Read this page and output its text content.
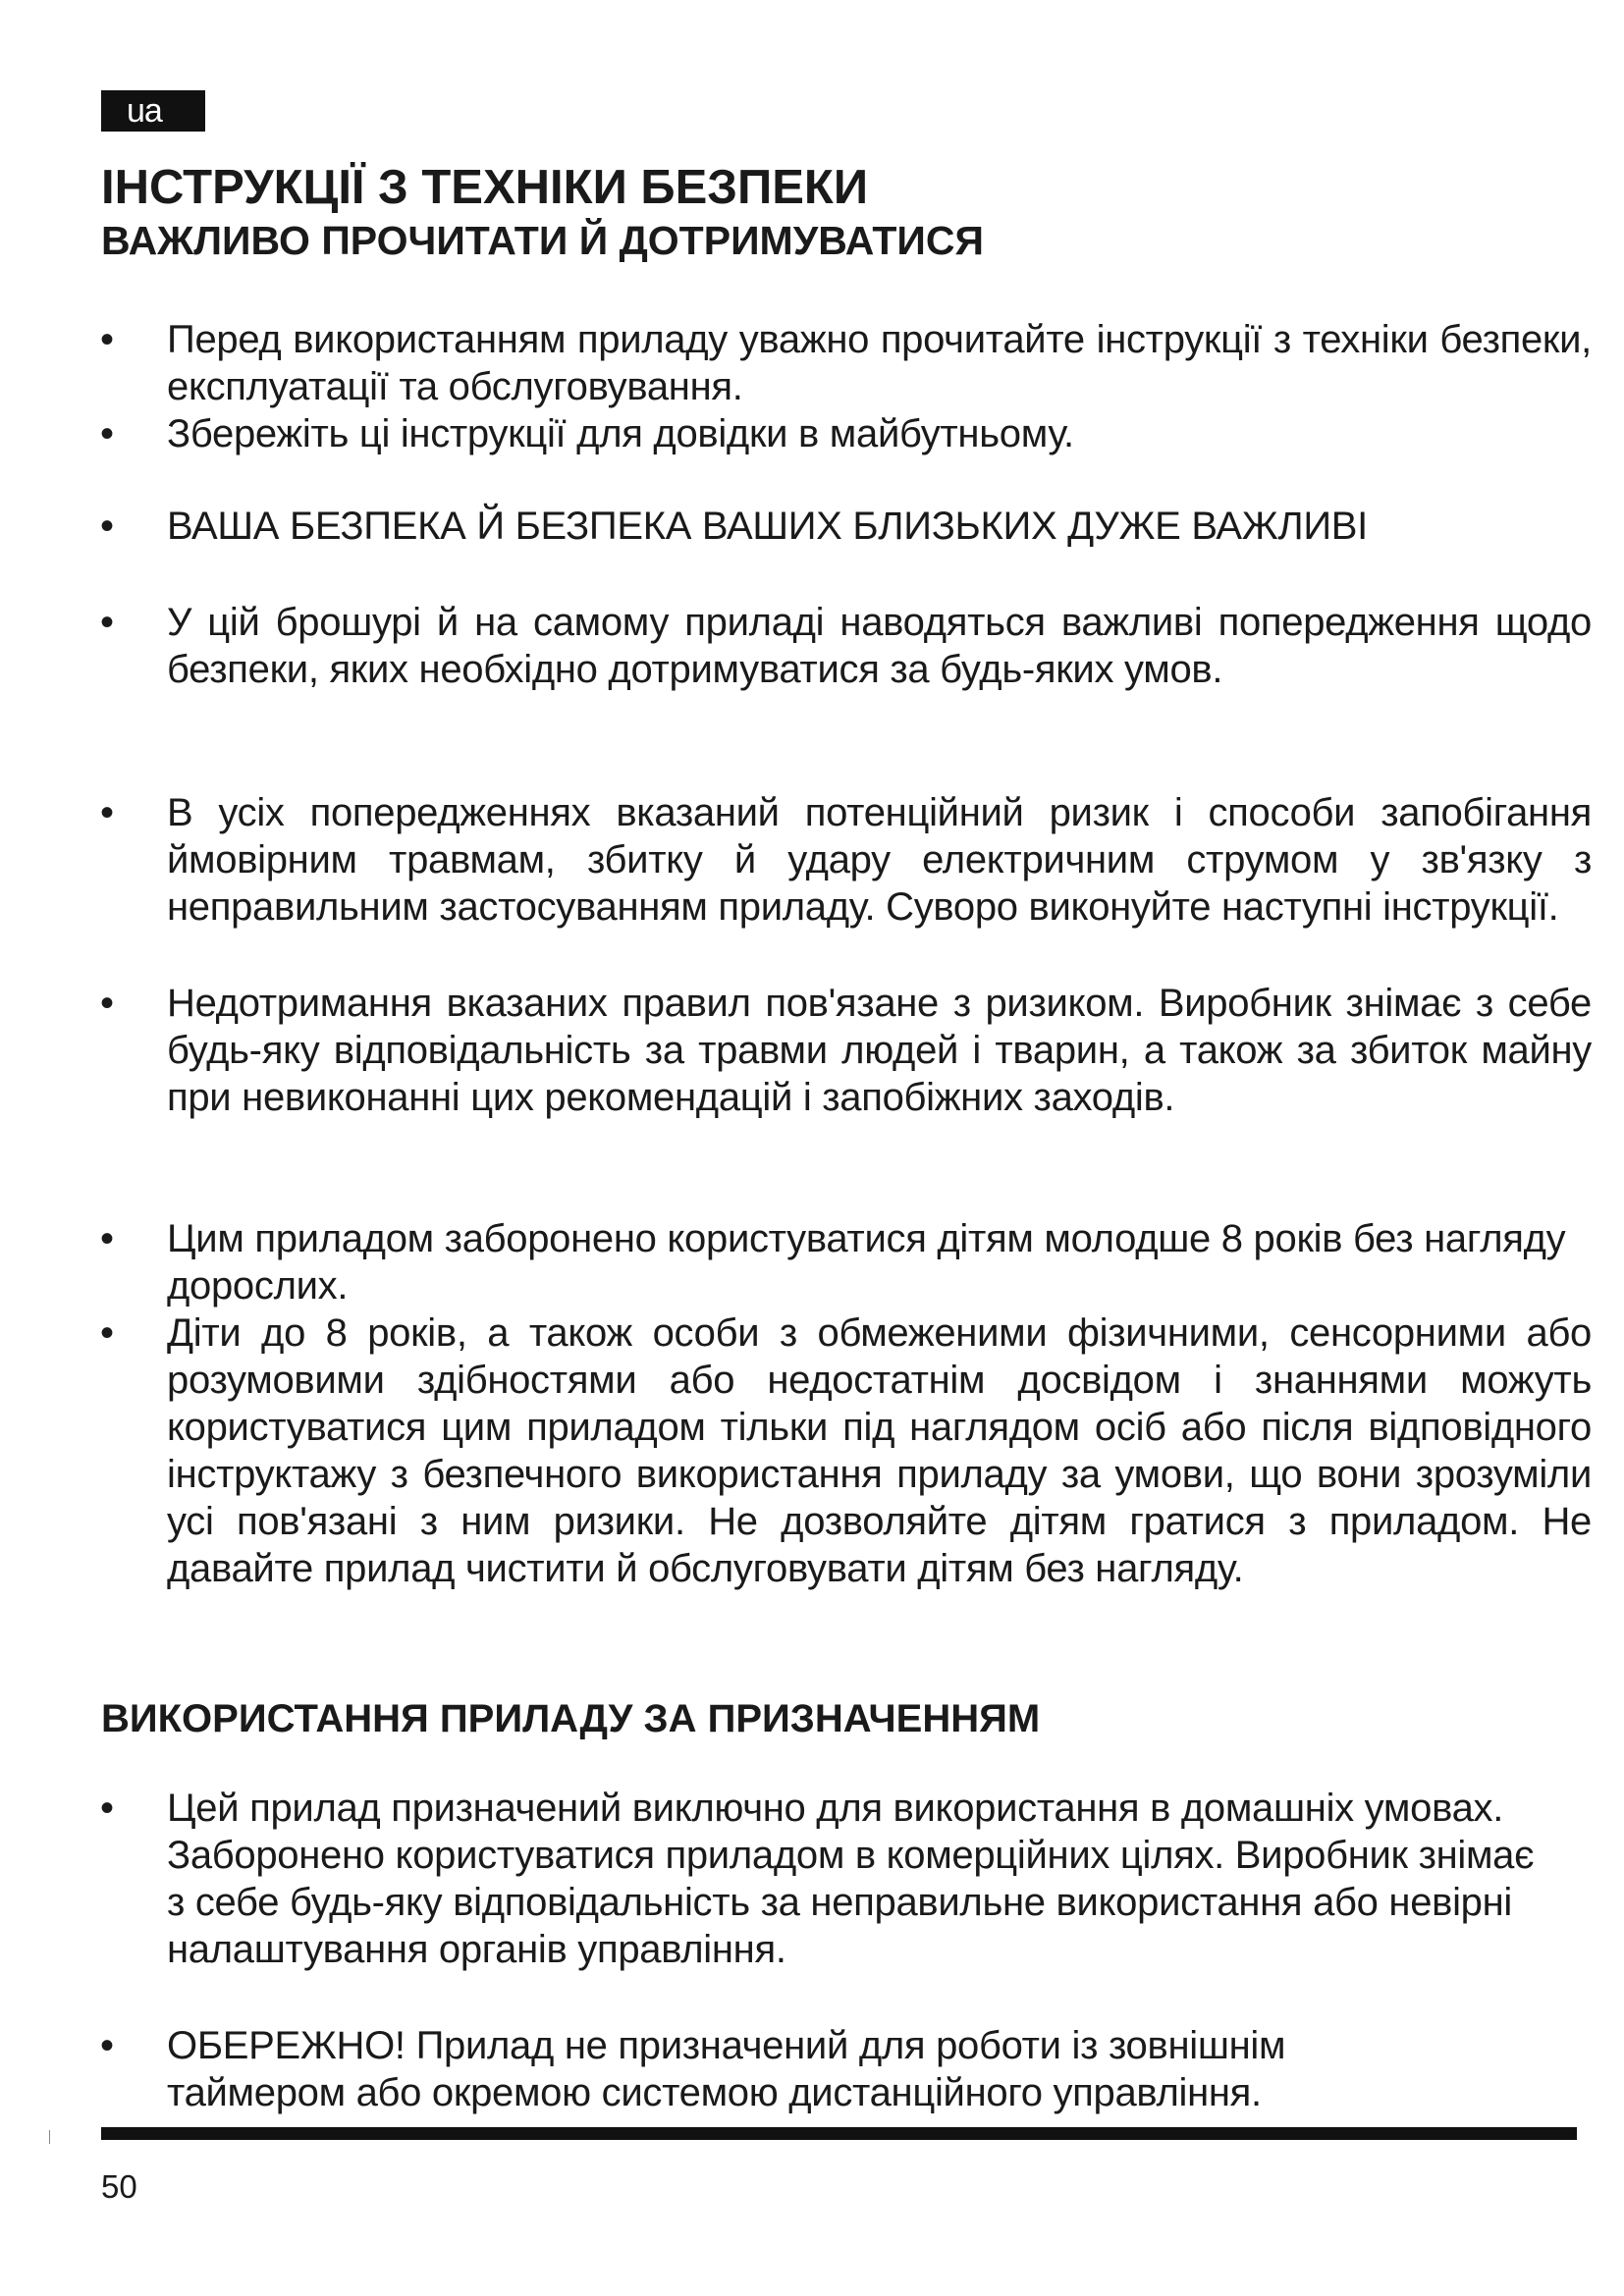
ua
ІНСТРУКЦІЇ З ТЕХНІКИ БЕЗПЕКИ
ВАЖЛИВО ПРОЧИТАТИ Й ДОТРИМУВАТИСЯ
• Перед використанням приладу уважно прочитайте інструкції з техніки безпеки, експлуатації та обслуговування.
• Збережіть ці інструкції для довідки в майбутньому.
• ВАША БЕЗПЕКА Й БЕЗПЕКА ВАШИХ БЛИЗЬКИХ ДУЖЕ ВАЖЛИВІ
• У цій брошурі й на самому приладі наводяться важливі попередження щодо безпеки, яких необхідно дотримуватися за будь-яких умов.
• В усіх попередженнях вказаний потенційний ризик і способи запобігання ймовірним травмам, збитку й удару електричним струмом у зв'язку з неправильним застосуванням приладу. Суворо виконуйте наступні інструкції.
• Недотримання вказаних правил пов'язане з ризиком. Виробник знімає з себе будь-яку відповідальність за травми людей і тварин, а також за збиток майну при невиконанні цих рекомендацій і запобіжних заходів.
• Цим приладом заборонено користуватися дітям молодше 8 років без нагляду дорослих.
• Діти до 8 років, а також особи з обмеженими фізичними, сенсорними або розумовими здібностями або недостатнім досвідом і знаннями можуть користуватися цим приладом тільки під наглядом осіб або після відповідного інструктажу з безпечного використання приладу за умови, що вони зрозуміли усі пов'язані з ним ризики. Не дозволяйте дітям гратися з приладом. Не давайте прилад чистити й обслуговувати дітям без нагляду.
ВИКОРИСТАННЯ ПРИЛАДУ ЗА ПРИЗНАЧЕННЯМ
• Цей прилад призначений виключно для використання в домашніх умовах. Заборонено користуватися приладом в комерційних цілях. Виробник знімає з себе будь-яку відповідальність за неправильне використання або невірні налаштування органів управління.
• ОБЕРЕЖНО! Прилад не призначений для роботи із зовнішнім таймером або окремою системою дистанційного управління.
50
